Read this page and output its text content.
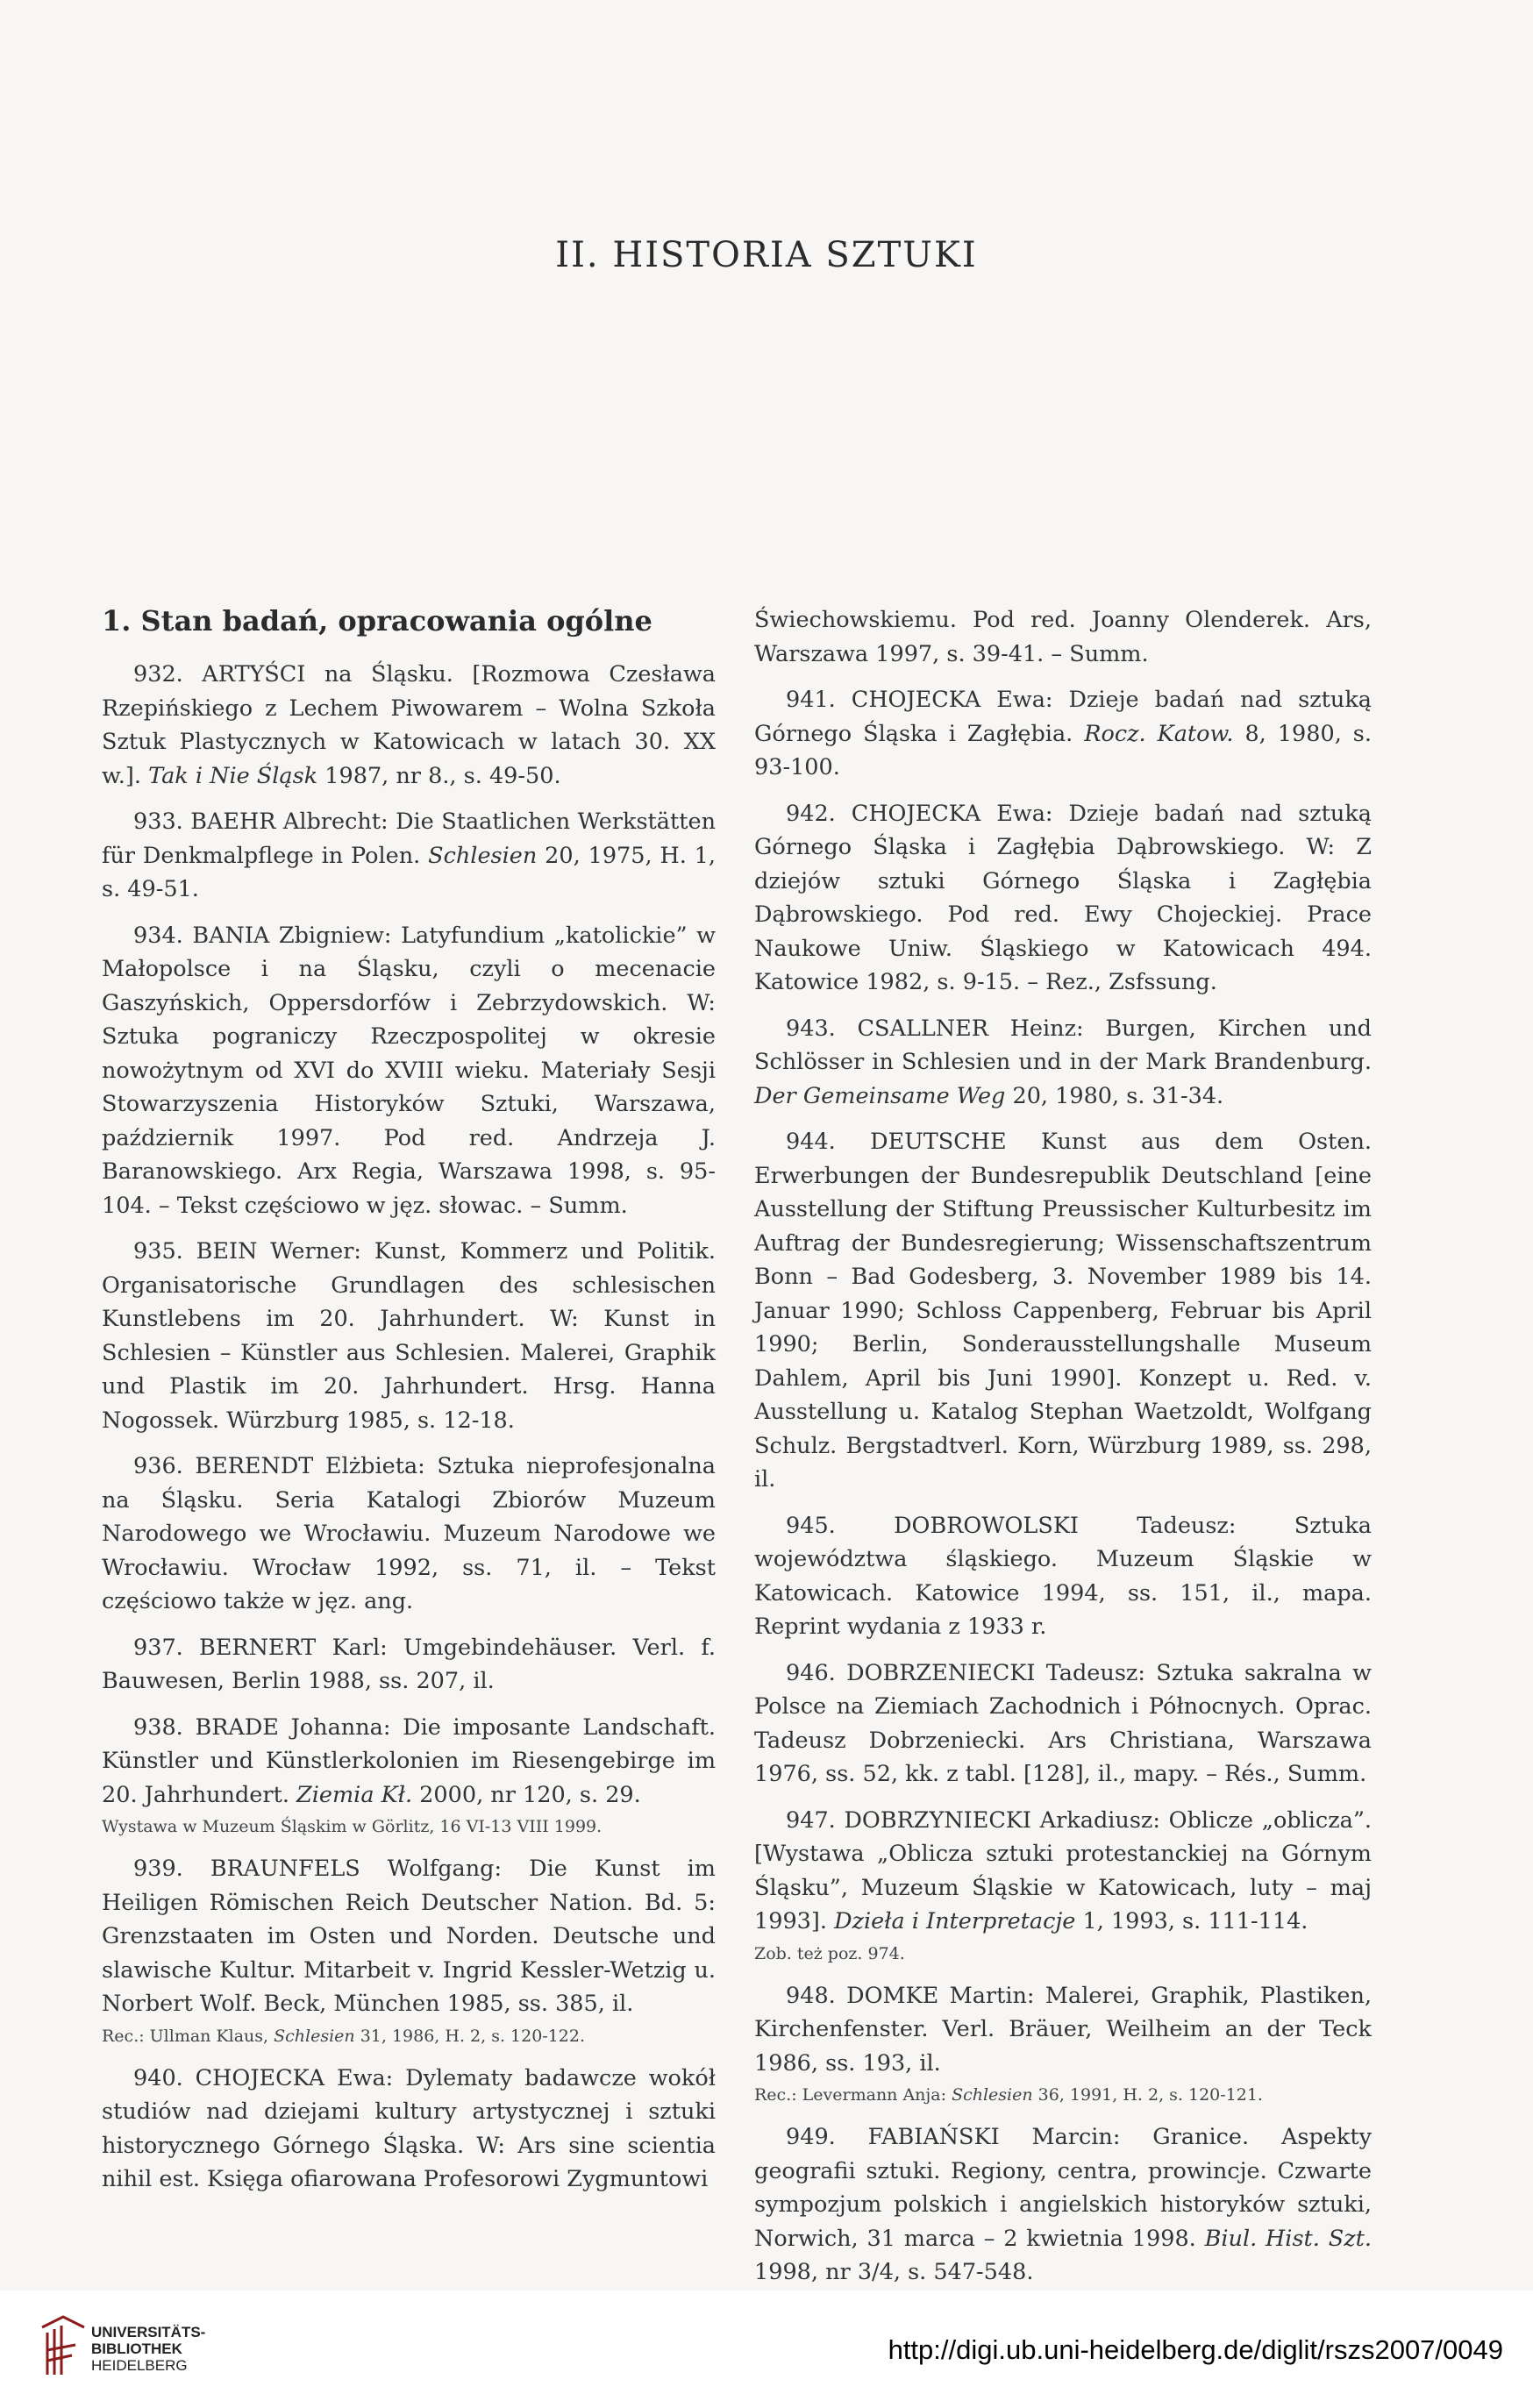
II. HISTORIA SZTUKI
1. Stan badań, opracowania ogólne

932. ARTYŚCI na Śląsku. [Rozmowa Czesława Rzepińskiego z Lechem Piwowarem – Wolna Szkoła Sztuk Plastycznych w Katowicach w latach 30. XX w.]. Tak i Nie Śląsk 1987, nr 8., s. 49-50.

933. BAEHR Albrecht: Die Staatlichen Werkstätten für Denkmalpflege in Polen. Schlesien 20, 1975, H. 1, s. 49-51.

934. BANIA Zbigniew: Latyfundium „katolickie” w Małopolsce i na Śląsku, czyli o mecenacie Gaszyńskich, Oppersdorfów i Zebrzydowskich. W: Sztuka pograniczy Rzeczpospolitej w okresie nowożytnym od XVI do XVIII wieku. Materiały Sesji Stowarzyszenia Historyków Sztuki, Warszawa, październik 1997. Pod red. Andrzeja J. Baranowskiego. Arx Regia, Warszawa 1998, s. 95-104. – Tekst częściowo w jęz. słowac. – Summ.

935. BEIN Werner: Kunst, Kommerz und Politik. Organisatorische Grundlagen des schlesischen Kunstlebens im 20. Jahrhundert. W: Kunst in Schlesien – Künstler aus Schlesien. Malerei, Graphik und Plastik im 20. Jahrhundert. Hrsg. Hanna Nogossek. Würzburg 1985, s. 12-18.

936. BERENDT Elżbieta: Sztuka nieprofesjonalna na Śląsku. Seria Katalogi Zbiorów Muzeum Narodowego we Wrocławiu. Muzeum Narodowe we Wrocławiu. Wrocław 1992, ss. 71, il. – Tekst częściowo także w jęz. ang.

937. BERNERT Karl: Umgebindehäuser. Verl. f. Bauwesen, Berlin 1988, ss. 207, il.

938. BRADE Johanna: Die imposante Landschaft. Künstler und Künstlerkolonien im Riesengebirge im 20. Jahrhundert. Ziemia Kł. 2000, nr 120, s. 29.

Wystawa w Muzeum Śląskim w Görlitz, 16 VI-13 VIII 1999.

939. BRAUNFELS Wolfgang: Die Kunst im Heiligen Römischen Reich Deutscher Nation. Bd. 5: Grenzstaaten im Osten und Norden. Deutsche und slawische Kultur. Mitarbeit v. Ingrid Kessler-Wetzig u. Norbert Wolf. Beck, München 1985, ss. 385, il.

Rec.: Ullman Klaus, Schlesien 31, 1986, H. 2, s. 120-122.

940. CHOJECKA Ewa: Dylematy badawcze wokół studiów nad dziejami kultury artystycznej i sztuki historycznego Górnego Śląska. W: Ars sine scientia nihil est. Księga ofiarowana Profesorowi Zygmuntowi

Świechowskiemu. Pod red. Joanny Olenderek. Ars, Warszawa 1997, s. 39-41. – Summ.

941. CHOJECKA Ewa: Dzieje badań nad sztuką Górnego Śląska i Zagłębia. Rocz. Katow. 8, 1980, s. 93-100.

942. CHOJECKA Ewa: Dzieje badań nad sztuką Górnego Śląska i Zagłębia Dąbrowskiego. W: Z dziejów sztuki Górnego Śląska i Zagłębia Dąbrowskiego. Pod red. Ewy Chojeckiej. Prace Naukowe Uniw. Śląskiego w Katowicach 494. Katowice 1982, s. 9-15. – Rez., Zsfssung.

943. CSALLNER Heinz: Burgen, Kirchen und Schlösser in Schlesien und in der Mark Brandenburg. Der Gemeinsame Weg 20, 1980, s. 31-34.

944. DEUTSCHE Kunst aus dem Osten. Erwerbungen der Bundesrepublik Deutschland [eine Ausstellung der Stiftung Preussischer Kulturbesitz im Auftrag der Bundesregierung; Wissenschaftszentrum Bonn – Bad Godesberg, 3. November 1989 bis 14. Januar 1990; Schloss Cappenberg, Februar bis April 1990; Berlin, Sonderausstellungshalle Museum Dahlem, April bis Juni 1990]. Konzept u. Red. v. Ausstellung u. Katalog Stephan Waetzoldt, Wolfgang Schulz. Bergstadtverl. Korn, Würzburg 1989, ss. 298, il.

945. DOBROWOLSKI Tadeusz: Sztuka województwa śląskiego. Muzeum Śląskie w Katowicach. Katowice 1994, ss. 151, il., mapa. Reprint wydania z 1933 r.

946. DOBRZENIECKI Tadeusz: Sztuka sakralna w Polsce na Ziemiach Zachodnich i Północnych. Oprac. Tadeusz Dobrzeniecki. Ars Christiana, Warszawa 1976, ss. 52, kk. z tabl. [128], il., mapy. – Rés., Summ.

947. DOBRZYNIECKI Arkadiusz: Oblicze „oblicza”. [Wystawa „Oblicza sztuki protestanckiej na Górnym Śląsku”, Muzeum Śląskie w Katowicach, luty – maj 1993]. Dzieła i Interpretacje 1, 1993, s. 111-114.

Zob. też poz. 974.

948. DOMKE Martin: Malerei, Graphik, Plastiken, Kirchenfenster. Verl. Bräuer, Weilheim an der Teck 1986, ss. 193, il.

Rec.: Levermann Anja: Schlesien 36, 1991, H. 2, s. 120-121.

949. FABIAŃSKI Marcin: Granice. Aspekty geografii sztuki. Regiony, centra, prowincje. Czwarte sympozjum polskich i angielskich historyków sztuki, Norwich, 31 marca – 2 kwietnia 1998. Biul. Hist. Szt. 1998, nr 3/4, s. 547-548.

UNIVERSITÄTS-
BIBLIOTHEK
HEIDELBERG
http://digi.ub.uni-heidelberg.de/diglit/rszs2007/0049
